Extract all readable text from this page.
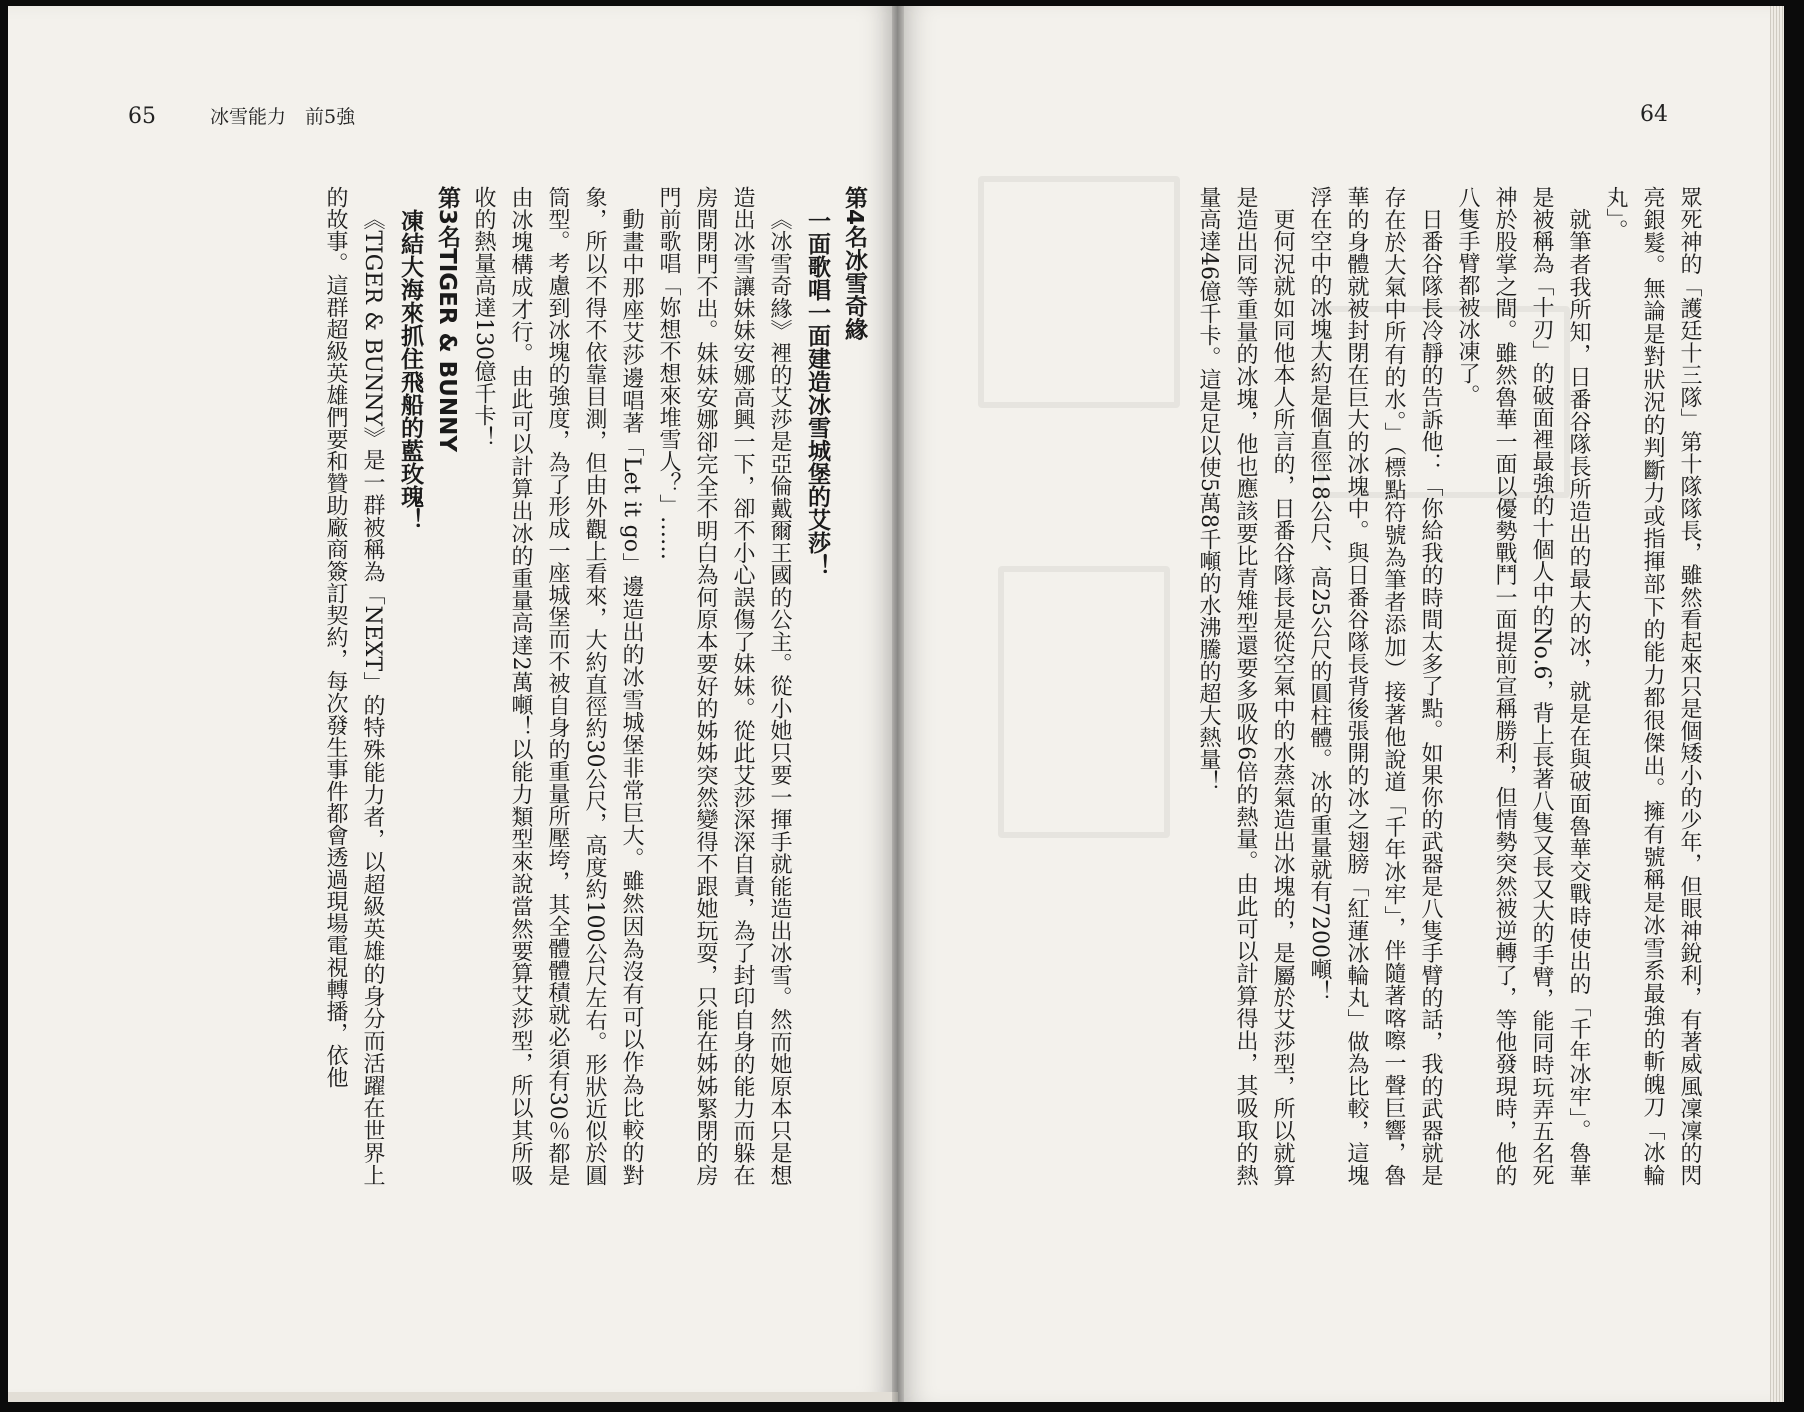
65	冰雪能力　前5強

第4名冰雪奇緣

一面歌唱一面建造冰雪城堡的艾莎！

《冰雪奇緣》裡的艾莎是亞倫戴爾王國的公主。從小她只要一揮手就能造出冰雪。然而她原本只是想造出冰雪讓妹妹安娜高興一下，卻不小心誤傷了妹妹。從此艾莎深深自責，為了封印自身的能力而躲在房間閉門不出。妹妹安娜卻完全不明白為何原本要好的姊姊突然變得不跟她玩耍，只能在姊姊緊閉的房門前歌唱「妳想不想來堆雪人？」……

動畫中那座艾莎邊唱著「Let it go」邊造出的冰雪城堡非常巨大。雖然因為沒有可以作為比較的對象，所以不得不依靠目測，但由外觀上看來，大約直徑約30公尺，高度約100公尺左右。形狀近似於圓筒型。考慮到冰塊的強度，為了形成一座城堡而不被自身的重量所壓垮，其全體體積就必須有30％都是由冰塊構成才行。由此可以計算出冰的重量高達2萬噸！以能力類型來說當然要算艾莎型，所以其所吸收的熱量高達130億千卡！

第3名TIGER & BUNNY

凍結大海來抓住飛船的藍玫瑰！

《TIGER & BUNNY》是一群被稱為「NEXT」的特殊能力者，以超級英雄的身分而活躍在世界上的故事。這群超級英雄們要和贊助廠商簽訂契約，每次發生事件都會透過現場電視轉播，依他

64

眾死神的「護廷十三隊」第十隊隊長，雖然看起來只是個矮小的少年，但眼神銳利，有著威風凜凜的閃亮銀髮。無論是對狀況的判斷力或指揮部下的能力都很傑出。擁有號稱是冰雪系最強的斬魄刀「冰輪丸」。

就筆者我所知，日番谷隊長所造出的最大的冰，就是在與破面魯華交戰時使出的「千年冰牢」。魯華是被稱為「十刃」的破面裡最強的十個人中的No.6，背上長著八隻又長又大的手臂，能同時玩弄五名死神於股掌之間。雖然魯華一面以優勢戰鬥一面提前宣稱勝利，但情勢突然被逆轉了，等他發現時，他的八隻手臂都被冰凍了。

日番谷隊長冷靜的告訴他：「你給我的時間太多了點。如果你的武器是八隻手臂的話，我的武器就是存在於大氣中所有的水。」（標點符號為筆者添加）接著他說道「千年冰牢」，伴隨著喀嚓一聲巨響，魯華的身體就被封閉在巨大的冰塊中。與日番谷隊長背後張開的冰之翅膀「紅蓮冰輪丸」做為比較，這塊浮在空中的冰塊大約是個直徑18公尺、高25公尺的圓柱體。冰的重量就有7200噸！

更何況就如同他本人所言的，日番谷隊長是從空氣中的水蒸氣造出冰塊的，是屬於艾莎型，所以就算是造出同等重量的冰塊，他也應該要比青雉型還要多吸收6倍的熱量。由此可以計算得出，其吸取的熱量高達46億千卡。這是足以使5萬8千噸的水沸騰的超大熱量！
